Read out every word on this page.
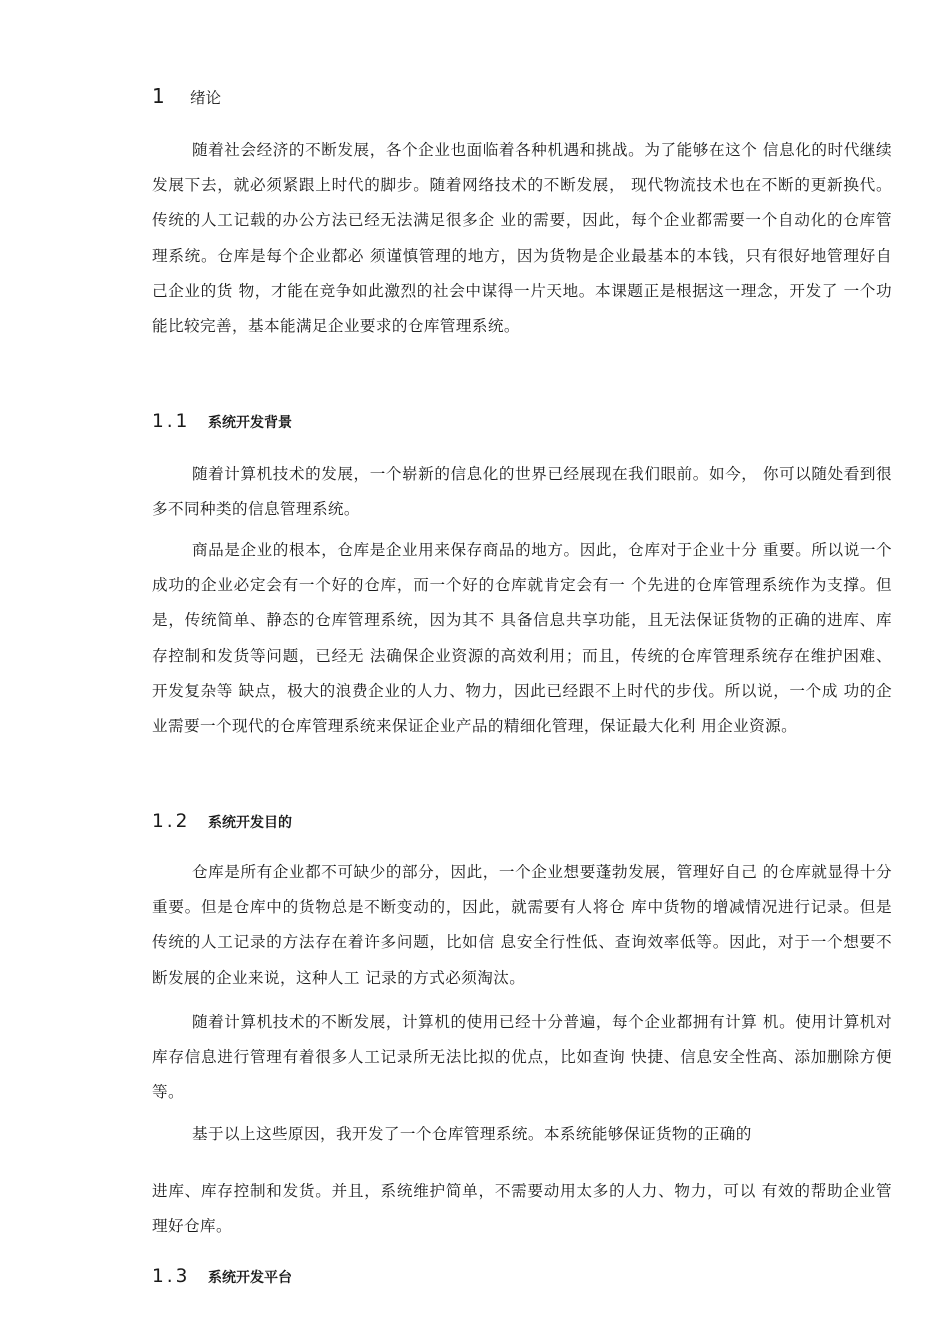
1	绪论

随着社会经济的不断发展，各个企业也面临着各种机遇和挑战。为了能够在这个 信息化的时代继续发展下去，就必须紧跟上时代的脚步。随着网络技术的不断发展， 现代物流技术也在不断的更新换代。传统的人工记载的办公方法已经无法满足很多企 业的需要，因此，每个企业都需要一个自动化的仓库管理系统。仓库是每个企业都必 须谨慎管理的地方，因为货物是企业最基本的本钱，只有很好地管理好自己企业的货 物，才能在竞争如此激烈的社会中谋得一片天地。本课题正是根据这一理念，开发了 一个功能比较完善，基本能满足企业要求的仓库管理系统。

1.1	系统开发背景

随着计算机技术的发展，一个崭新的信息化的世界已经展现在我们眼前。如今， 你可以随处看到很多不同种类的信息管理系统。

商品是企业的根本，仓库是企业用来保存商品的地方。因此，仓库对于企业十分 重要。所以说一个成功的企业必定会有一个好的仓库，而一个好的仓库就肯定会有一 个先进的仓库管理系统作为支撑。但是，传统简单、静态的仓库管理系统，因为其不 具备信息共享功能，且无法保证货物的正确的进库、库存控制和发货等问题，已经无 法确保企业资源的高效利用；而且，传统的仓库管理系统存在维护困难、开发复杂等 缺点，极大的浪费企业的人力、物力，因此已经跟不上时代的步伐。所以说，一个成 功的企业需要一个现代的仓库管理系统来保证企业产品的精细化管理，保证最大化利 用企业资源。

1.2	系统开发目的

仓库是所有企业都不可缺少的部分，因此，一个企业想要蓬勃发展，管理好自己 的仓库就显得十分重要。但是仓库中的货物总是不断变动的，因此，就需要有人将仓 库中货物的增减情况进行记录。但是传统的人工记录的方法存在着许多问题，比如信 息安全行性低、查询效率低等。因此，对于一个想要不断发展的企业来说，这种人工 记录的方式必须淘汰。

随着计算机技术的不断发展，计算机的使用已经十分普遍，每个企业都拥有计算 机。使用计算机对库存信息进行管理有着很多人工记录所无法比拟的优点，比如查询 快捷、信息安全性高、添加删除方便等。

基于以上这些原因，我开发了一个仓库管理系统。本系统能够保证货物的正确的

进库、库存控制和发货。并且，系统维护简单，不需要动用太多的人力、物力，可以 有效的帮助企业管理好仓库。

1.3	系统开发平台
